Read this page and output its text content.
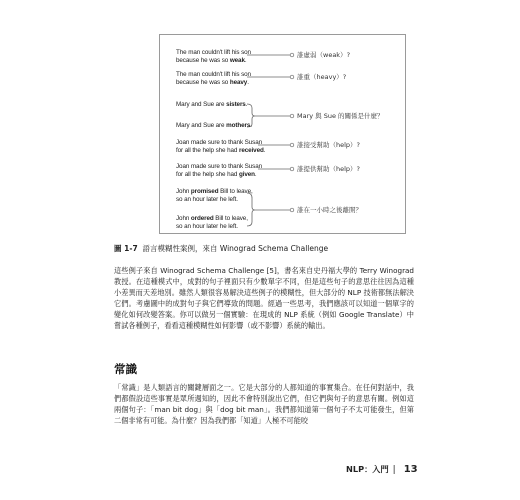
The man couldn't lift his son
because he was so weak.
The man couldn't lift his son
because he was so heavy.
Mary and Sue are sisters.
Mary and Sue are mothers.
Joan made sure to thank Susan
for all the help she had received.
Joan made sure to thank Susan
for all the help she had given.
John promised Bill to leave,
so an hour later he left.
John ordered Bill to leave,
so an hour later he left.
誰虛弱（weak）?
誰重（heavy）?
Mary 與 Sue 的關係是什麼？
誰接受幫助（help）?
誰提供幫助（help）?
誰在一小時之後離開？
圖 1-7 語言模糊性案例，來自 Winograd Schema Challenge
這些例子來自 Winograd Schema Challenge [5]，書名來自史丹福大學的 Terry Winograd 教授。在這種模式中，成對的句子裡面只有少數單字不同，但是這些句子的意思往往因為這種小差異而天差地別。雖然人類很容易解決這些例子的模糊性，但大部分的 NLP 技術都無法解決它們。考慮圖中的成對句子與它們導致的問題。經過一些思考，我們應該可以知道一個單字的變化如何改變答案。你可以做另一個實驗：在現成的 NLP 系統（例如 Google Translate）中嘗試各種例子，看看這種模糊性如何影響（或不影響）系統的輸出。
常識
「常識」是人類語言的關鍵層面之一。它是大部分的人都知道的事實集合。在任何對話中，我們都假設這些事實是眾所週知的，因此不會特別說出它們，但它們與句子的意思有關。例如這兩個句子：「man bit dog」與「dog bit man」。我們都知道第一個句子不太可能發生，但第二個非常有可能。為什麼？因為我們都「知道」人極不可能咬
NLP：入門 | 13
